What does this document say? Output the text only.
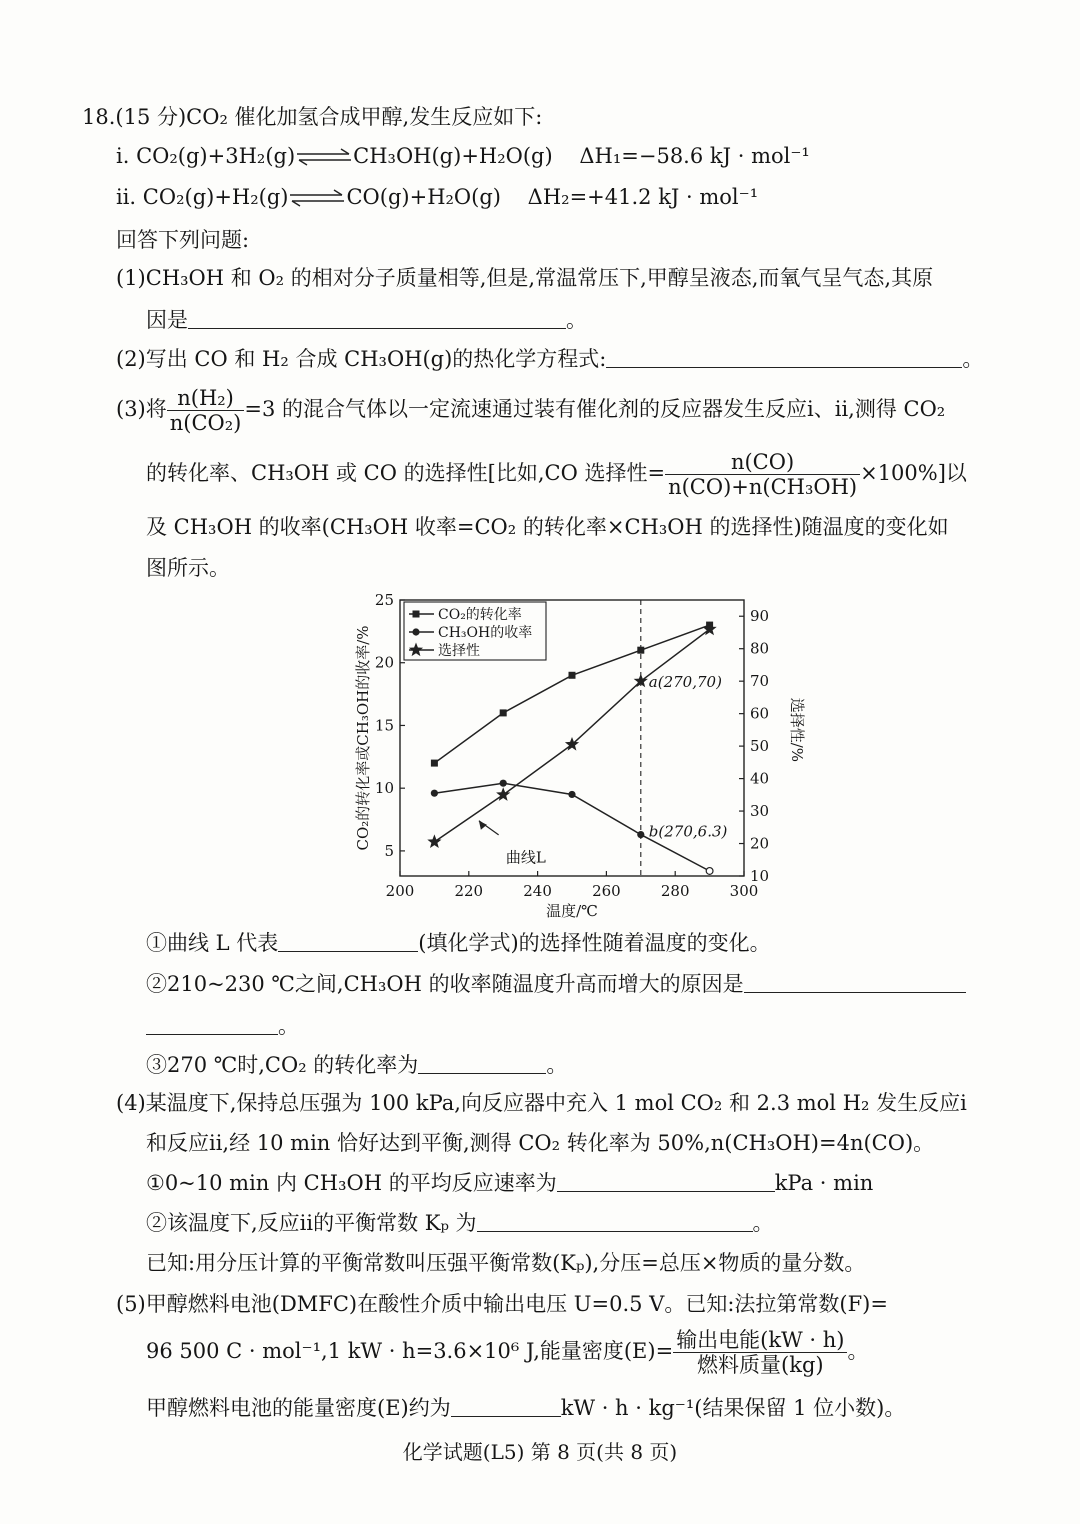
18.(15 分)CO₂ 催化加氢合成甲醇,发生反应如下:
ⅰ. CO₂(g)+3H₂(g)⇌CH₃OH(g)+H₂O(g) ΔH₁=−58.6 kJ · mol⁻¹
ⅱ. CO₂(g)+H₂(g)⇌CO(g)+H₂O(g) ΔH₂=+41.2 kJ · mol⁻¹
回答下列问题:
(1)CH₃OH 和 O₂ 的相对分子质量相等,但是,常温常压下,甲醇呈液态,而氧气呈气态,其原
因是	。
(2)写出 CO 和 H₂ 合成 CH₃OH(g)的热化学方程式:	。
(3)将 $\frac{\text{n(H₂)}}{\text{n(CO₂)}} =3$ 的混合气体以一定流速通过装有催化剂的反应器发生反应ⅰ、ⅱ,测得 CO₂
的转化率、CH₃OH 或 CO 的选择性[比如,CO 选择性= $\frac{n(CO)}{\text{n(CO)+n(CH₃OH)}} \times 100\%$]以
及 CH₃OH 的收率(CH₃OH 收率=CO₂ 的转化率×CH₃OH 的选择性)随温度的变化如
图所示。
200	220	240	260	280	300
5
10
15
20
25
10
20
30
40
50
60
70
80
90
CO₂的转化率
CH₃OH的收率
选择性
温度/℃
CO₂的转化率或CH₃OH的收率/%	选择性/%
a(270,70)
b(270,6.3)
曲线L
①曲线 L 代表	(填化学式)的选择性随着温度的变化。
②210~230 ℃之间,CH₃OH 的收率随温度升高而增大的原因是
。
③270 ℃时,CO₂ 的转化率为	。
(4)某温度下,保持总压强为 100 kPa,向反应器中充入 1 mol CO₂ 和 2.3 mol H₂ 发生反应ⅰ
和反应ⅱ,经 10 min 恰好达到平衡,测得 CO₂ 转化率为 50%,n(CH₃OH)=4n(CO)。
①0~10 min 内 CH₃OH 的平均反应速率为	kPa · min
②该温度下,反应ⅱ的平衡常数 Kₚ 为	。
已知:用分压计算的平衡常数叫压强平衡常数(Kₚ),分压=总压×物质的量分数。
(5)甲醇燃料电池(DMFC)在酸性介质中输出电压 U=0.5 V。已知:法拉第常数(F)=
96 500 C · mol⁻¹,1 kW · h=3.6×10⁶ J,能量密度$(E)= \frac{\text{输出电能(kW · h)}}{\text{燃料质量(kg)}}$ 。
甲醇燃料电池的能量密度(E)约为	kW · h · kg⁻¹(结果保留 1 位小数)。
化学试题(L5) 第 8 页(共 8 页)
